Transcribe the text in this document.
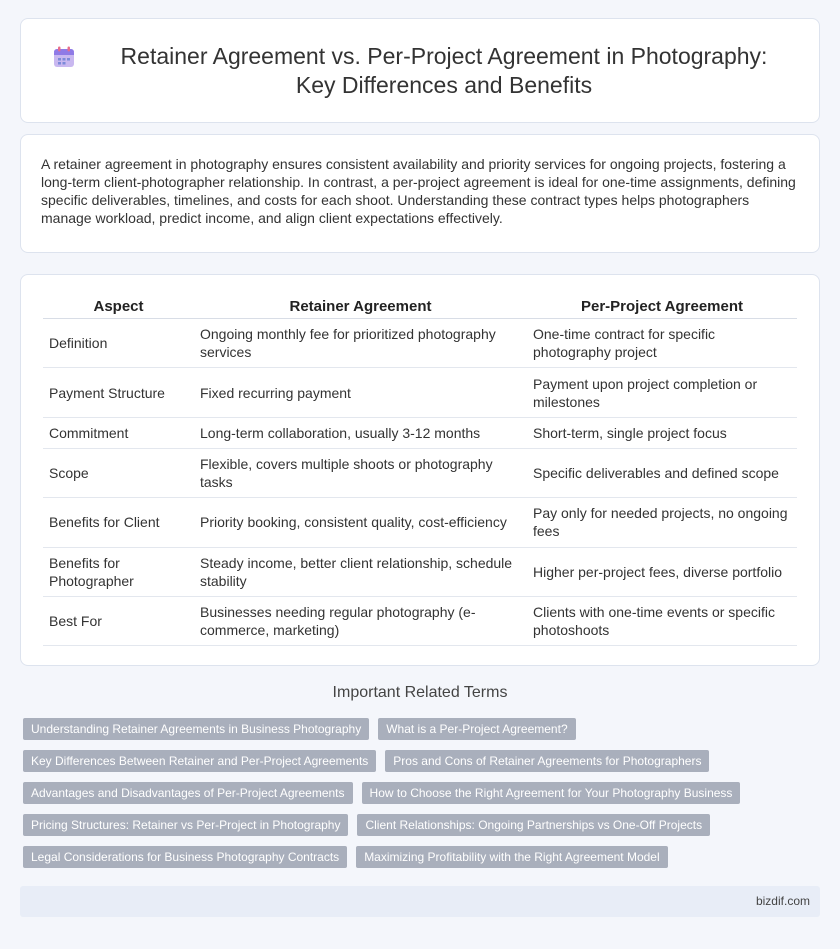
Retainer Agreement vs. Per-Project Agreement in Photography: Key Differences and Benefits

A retainer agreement in photography ensures consistent availability and priority services for ongoing projects, fostering a long-term client-photographer relationship. In contrast, a per-project agreement is ideal for one-time assignments, defining specific deliverables, timelines, and costs for each shoot. Understanding these contract types helps photographers manage workload, predict income, and align client expectations effectively.

Aspect	Retainer Agreement	Per-Project Agreement
Definition	Ongoing monthly fee for prioritized photography services	One-time contract for specific photography project
Payment Structure	Fixed recurring payment	Payment upon project completion or milestones
Commitment	Long-term collaboration, usually 3-12 months	Short-term, single project focus
Scope	Flexible, covers multiple shoots or photography tasks	Specific deliverables and defined scope
Benefits for Client	Priority booking, consistent quality, cost-efficiency	Pay only for needed projects, no ongoing fees
Benefits for Photographer	Steady income, better client relationship, schedule stability	Higher per-project fees, diverse portfolio
Best For	Businesses needing regular photography (e-commerce, marketing)	Clients with one-time events or specific photoshoots
Important Related Terms
Understanding Retainer Agreements in Business Photography	What is a Per-Project Agreement?
Key Differences Between Retainer and Per-Project Agreements	Pros and Cons of Retainer Agreements for Photographers
Advantages and Disadvantages of Per-Project Agreements	How to Choose the Right Agreement for Your Photography Business
Pricing Structures: Retainer vs Per-Project in Photography	Client Relationships: Ongoing Partnerships vs One-Off Projects
Legal Considerations for Business Photography Contracts	Maximizing Profitability with the Right Agreement Model
bizdif.com
